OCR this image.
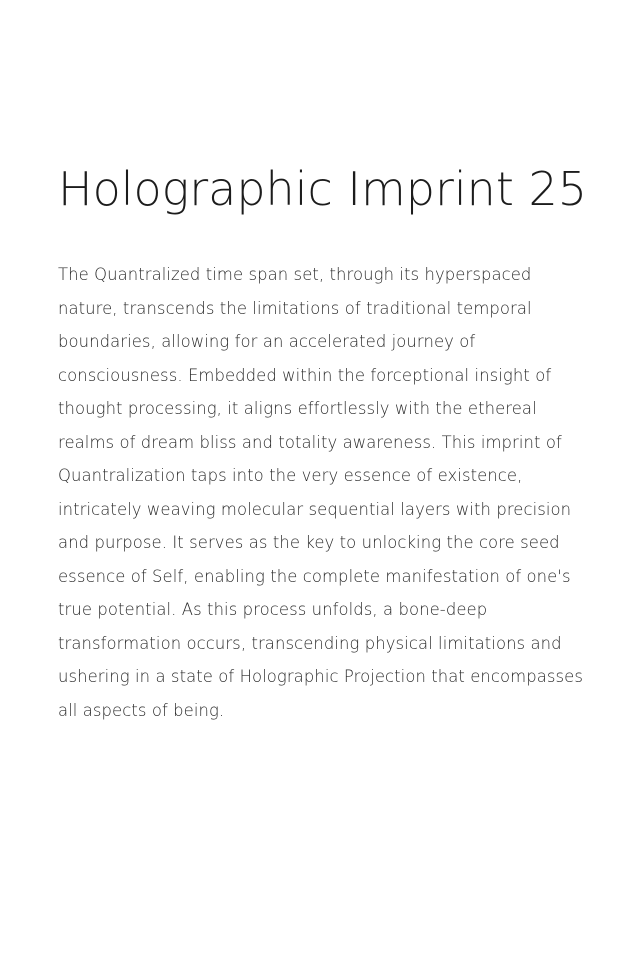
Holographic Imprint 25

The Quantralized time span set, through its hyperspaced nature, transcends the limitations of traditional temporal boundaries, allowing for an accelerated journey of consciousness. Embedded within the forceptional insight of thought processing, it aligns effortlessly with the ethereal realms of dream bliss and totality awareness. This imprint of Quantralization taps into the very essence of existence, intricately weaving molecular sequential layers with precision and purpose. It serves as the key to unlocking the core seed essence of Self, enabling the complete manifestation of one's true potential. As this process unfolds, a bone-deep transformation occurs, transcending physical limitations and ushering in a state of Holographic Projection that encompasses all aspects of being.
